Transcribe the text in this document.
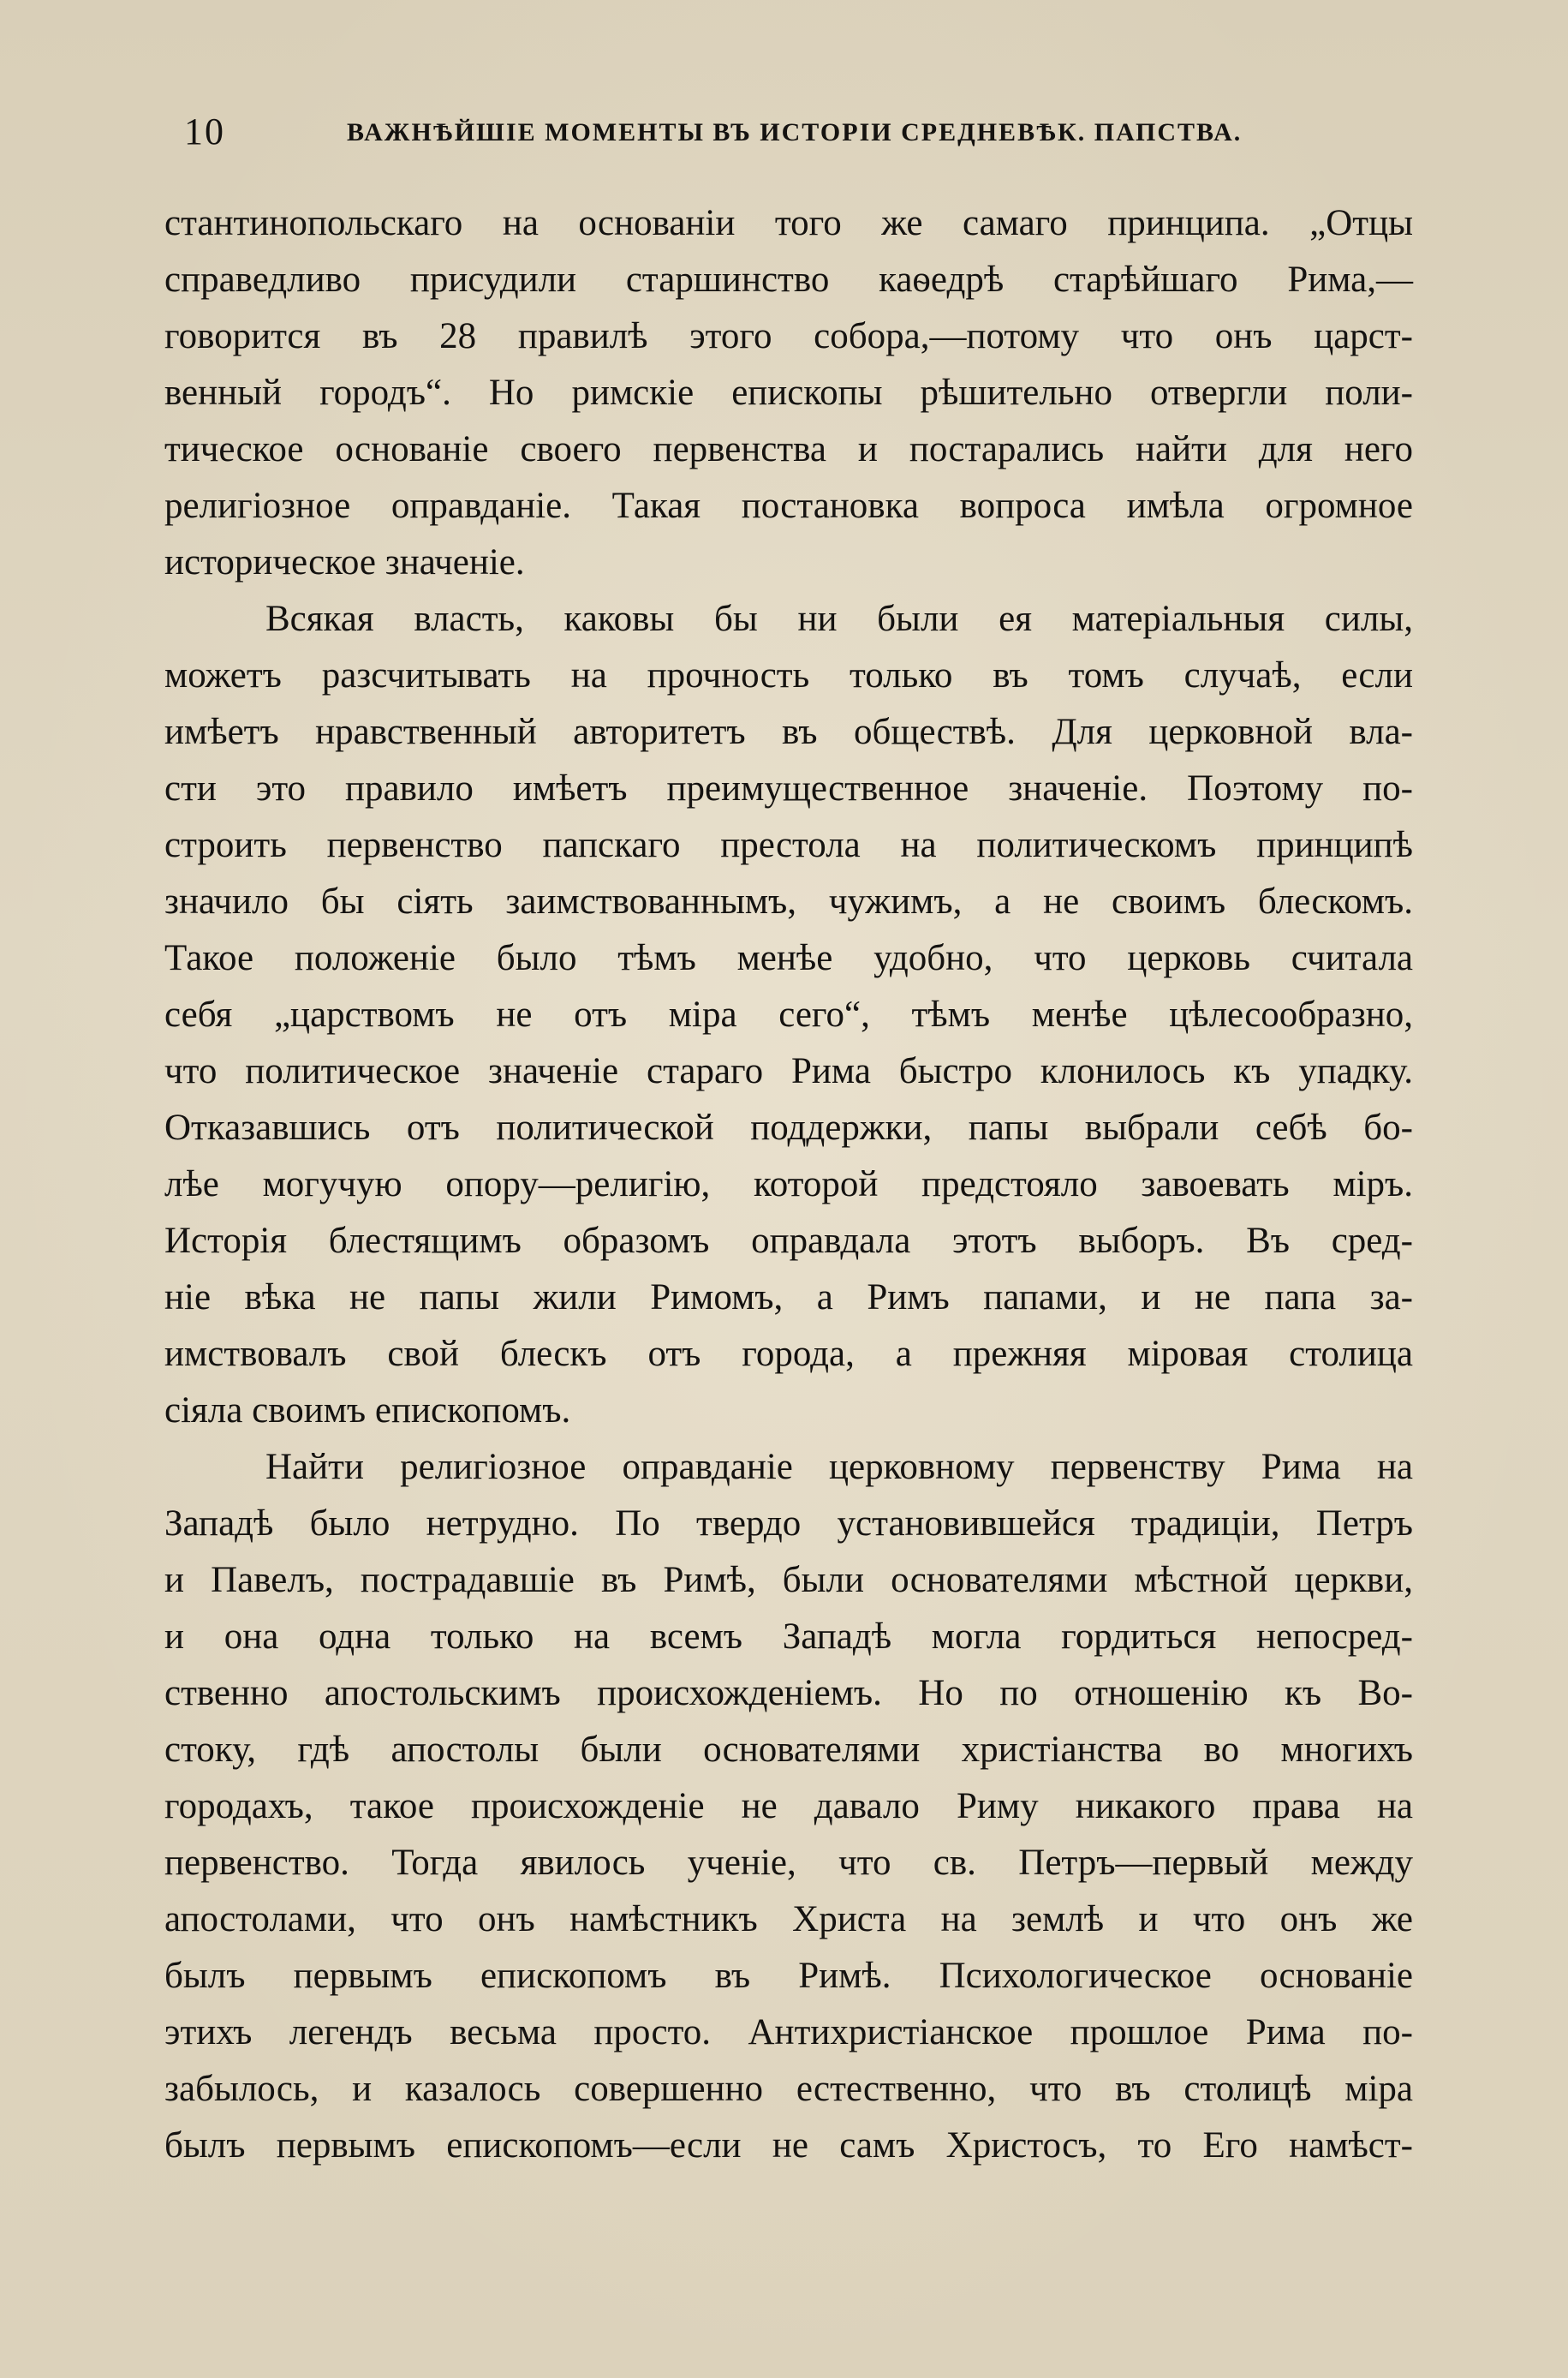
10	ВАЖНѢЙШІЕ МОМЕНТЫ ВЪ ИСТОРІИ СРЕДНЕВѢК. ПАПСТВА.
стантинопольскаго на основаніи того же самаго принципа. „Отцы
справедливо присудили старшинство каѳедрѣ старѣйшаго Рима,—
говорится въ 28 правилѣ этого собора,—потому что онъ царст-
венный городъ“. Но римскіе епископы рѣшительно отвергли поли-
тическое основаніе своего первенства и постарались найти для него
религіозное оправданіе. Такая постановка вопроса имѣла огромное
историческое значеніе.
Всякая власть, каковы бы ни были ея матеріальныя силы,
можетъ разсчитывать на прочность только въ томъ случаѣ, если
имѣетъ нравственный авторитетъ въ обществѣ. Для церковной вла-
сти это правило имѣетъ преимущественное значеніе. Поэтому по-
строить первенство папскаго престола на политическомъ принципѣ
значило бы сіять заимствованнымъ, чужимъ, а не своимъ блескомъ.
Такое положеніе было тѣмъ менѣе удобно, что церковь считала
себя „царствомъ не отъ міра сего“, тѣмъ менѣе цѣлесообразно,
что политическое значеніе стараго Рима быстро клонилось къ упадку.
Отказавшись отъ политической поддержки, папы выбрали себѣ бо-
лѣе могучую опору—религію, которой предстояло завоевать міръ.
Исторія блестящимъ образомъ оправдала этотъ выборъ. Въ сред-
ніе вѣка не папы жили Римомъ, а Римъ папами, и не папа за-
имствовалъ свой блескъ отъ города, а прежняя міровая столица
сіяла своимъ епископомъ.
Найти религіозное оправданіе церковному первенству Рима на
Западѣ было нетрудно. По твердо установившейся традиціи, Петръ
и Павелъ, пострадавшіе въ Римѣ, были основателями мѣстной церкви,
и она одна только на всемъ Западѣ могла гордиться непосред-
ственно апостольскимъ происхожденіемъ. Но по отношенію къ Во-
стоку, гдѣ апостолы были основателями христіанства во многихъ
городахъ, такое происхожденіе не давало Риму никакого права на
первенство. Тогда явилось ученіе, что св. Петръ—первый между
апостолами, что онъ намѣстникъ Христа на землѣ и что онъ же
былъ первымъ епископомъ въ Римѣ. Психологическое основаніе
этихъ легендъ весьма просто. Антихристіанское прошлое Рима по-
забылось, и казалось совершенно естественно, что въ столицѣ міра
былъ первымъ епископомъ—если не самъ Христосъ, то Его намѣст-
